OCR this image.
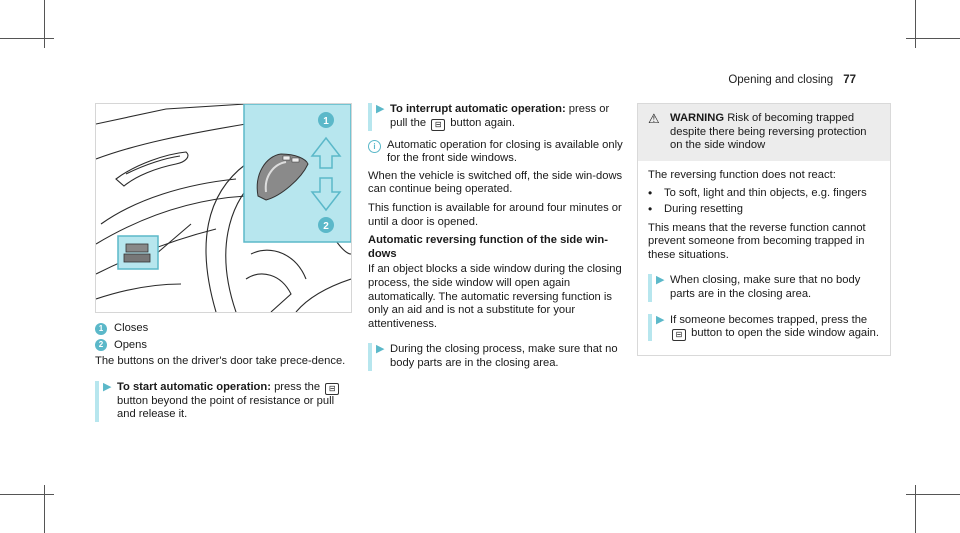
Opening and closing 77
1
2
1 Closes
2 Opens

The buttons on the driver's door take prece-dence.

▶ To start automatic operation: press the ⊟ button beyond the point of resistance or pull and release it.
▶ To interrupt automatic operation: press or pull the ⊟ button again.
i	Automatic operation for closing is available only for the front side windows.

When the vehicle is switched off, the side win-dows can continue being operated.

This function is available for around four minutes or until a door is opened.

Automatic reversing function of the side win-dows

If an object blocks a side window during the closing process, the side window will open again automatically. The automatic reversing function is only an aid and is not a substitute for your attentiveness.

▶ During the closing process, make sure that no body parts are in the closing area.
⚠ WARNING Risk of becoming trapped despite there being reversing protection on the side window

The reversing function does not react:

•	To soft, light and thin objects, e.g. fingers
•	During resetting

This means that the reverse function cannot prevent someone from becoming trapped in these situations.

▶ When closing, make sure that no body parts are in the closing area.
▶ If someone becomes trapped, press the ⊟ button to open the side window again.
